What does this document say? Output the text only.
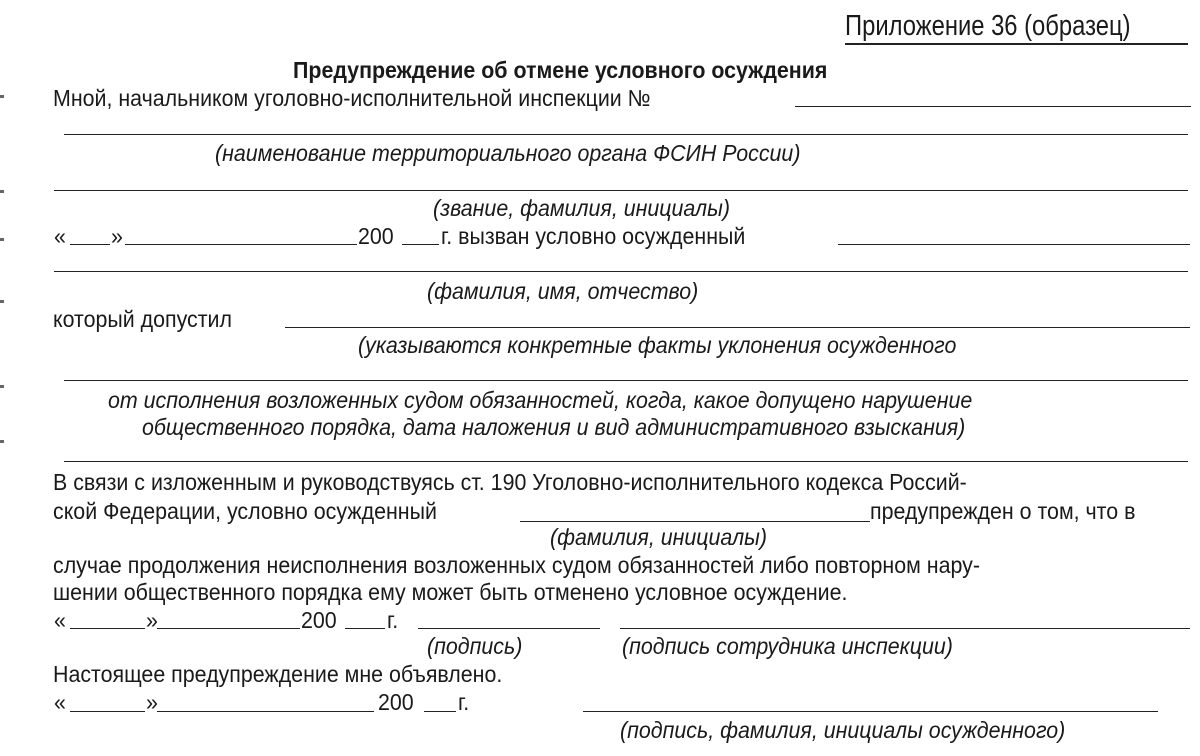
Приложение 36 (образец)
Предупреждение об отмене условного осуждения
Мной, начальником уголовно-исполнительной инспекции №
(наименование территориального органа ФСИН России)
(звание, фамилия, инициалы)
« »	200 г. вызван условно осужденный
(фамилия, имя, отчество)
который допустил
(указываются конкретные факты уклонения осужденного
от исполнения возложенных судом обязанностей, когда, какое допущено нарушение
общественного порядка, дата наложения и вид административного взыскания)
В связи с изложенным и руководствуясь ст. 190 Уголовно-исполнительного кодекса Россий-
ской Федерации, условно осужденный	предупрежден о том, что в
(фамилия, инициалы)
случае продолжения неисполнения возложенных судом обязанностей либо повторном нару-
шении общественного порядка ему может быть отменено условное осуждение.
«	»	200 г.
(подпись)	(подпись сотрудника инспекции)
Настоящее предупреждение мне объявлено.
«	»	200 г.
(подпись, фамилия, инициалы осужденного)
